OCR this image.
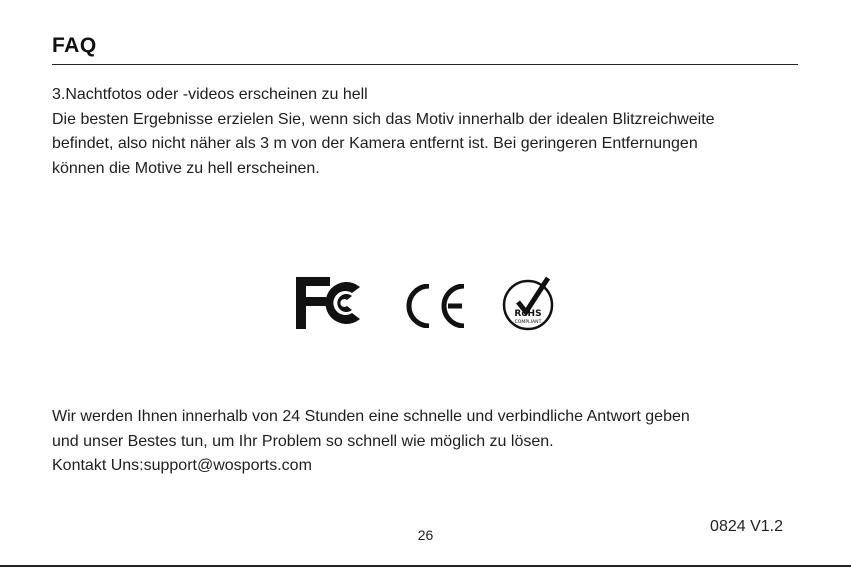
FAQ

3.Nachtfotos oder -videos erscheinen zu hell

Die besten Ergebnisse erzielen Sie, wenn sich das Motiv innerhalb der idealen Blitzreichweite

befindet, also nicht näher als 3 m von der Kamera entfernt ist. Bei geringeren Entfernungen

können die Motive zu hell erscheinen.

RoHS
COMPLIANT

Wir werden Ihnen innerhalb von 24 Stunden eine schnelle und verbindliche Antwort geben

und unser Bestes tun, um Ihr Problem so schnell wie möglich zu lösen.

Kontakt Uns:support@wosports.com

26	0824 V1.2
